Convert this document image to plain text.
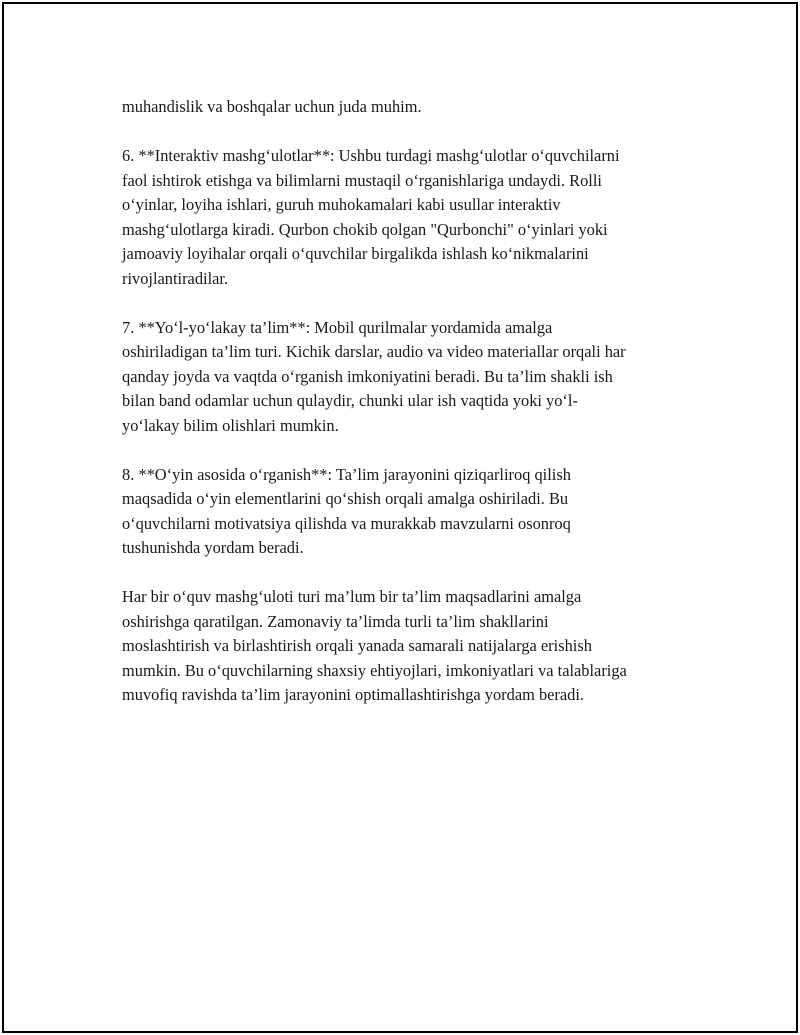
muhandislik va boshqalar uchun juda muhim.

6. **Interaktiv mashg‘ulotlar**: Ushbu turdagi mashg‘ulotlar o‘quvchilarni
faol ishtirok etishga va bilimlarni mustaqil o‘rganishlariga undaydi. Rolli
o‘yinlar, loyiha ishlari, guruh muhokamalari kabi usullar interaktiv
mashg‘ulotlarga kiradi. Qurbon chokib qolgan "Qurbonchi" o‘yinlari yoki
jamoaviy loyihalar orqali o‘quvchilar birgalikda ishlash ko‘nikmalarini
rivojlantiradilar.

7. **Yo‘l-yo‘lakay ta’lim**: Mobil qurilmalar yordamida amalga
oshiriladigan ta’lim turi. Kichik darslar, audio va video materiallar orqali har
qanday joyda va vaqtda o‘rganish imkoniyatini beradi. Bu ta’lim shakli ish
bilan band odamlar uchun qulaydir, chunki ular ish vaqtida yoki yo‘l-
yo‘lakay bilim olishlari mumkin.

8. **O‘yin asosida o‘rganish**: Ta’lim jarayonini qiziqarliroq qilish
maqsadida o‘yin elementlarini qo‘shish orqali amalga oshiriladi. Bu
o‘quvchilarni motivatsiya qilishda va murakkab mavzularni osonroq
tushunishda yordam beradi.

Har bir o‘quv mashg‘uloti turi ma’lum bir ta’lim maqsadlarini amalga
oshirishga qaratilgan. Zamonaviy ta’limda turli ta’lim shakllarini
moslashtirish va birlashtirish orqali yanada samarali natijalarga erishish
mumkin. Bu o‘quvchilarning shaxsiy ehtiyojlari, imkoniyatlari va talablariga
muvofiq ravishda ta’lim jarayonini optimallashtirishga yordam beradi.
